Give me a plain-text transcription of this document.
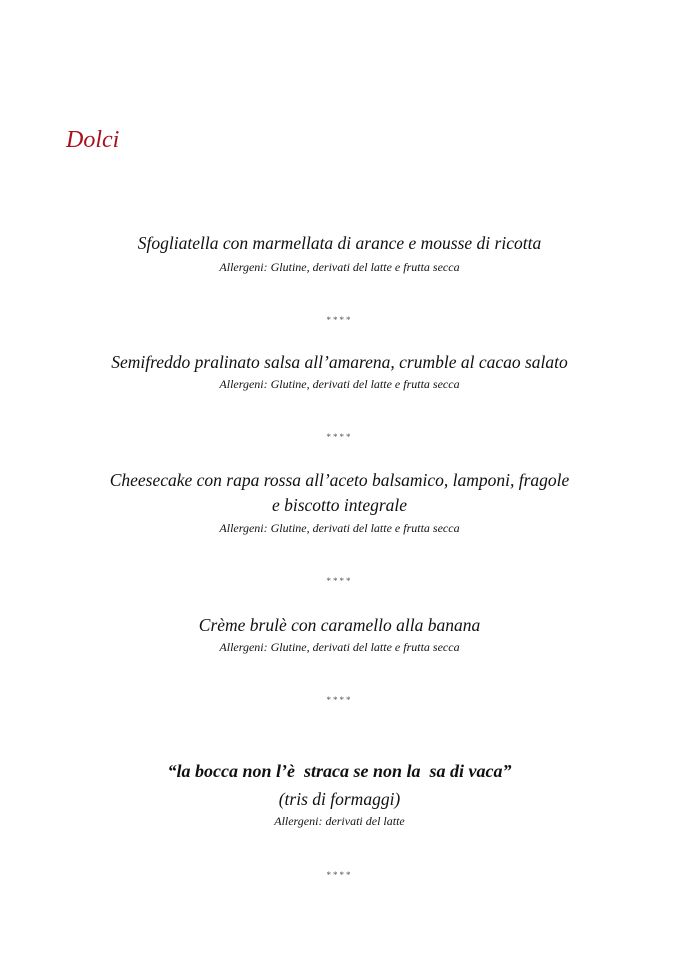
Dolci
Sfogliatella con marmellata di arance e mousse di ricotta
Allergeni: Glutine, derivati del latte e frutta secca
****
Semifreddo pralinato salsa all’amarena, crumble al cacao salato
Allergeni: Glutine, derivati del latte e frutta secca
****
Cheesecake con rapa rossa all’aceto balsamico, lamponi, fragole
e biscotto integrale
Allergeni: Glutine, derivati del latte e frutta secca
****
Crème brulè con caramello alla banana
Allergeni: Glutine, derivati del latte e frutta secca
****
“la bocca non l’è  straca se non la  sa di vaca”
(tris di formaggi)
Allergeni: derivati del latte
****
